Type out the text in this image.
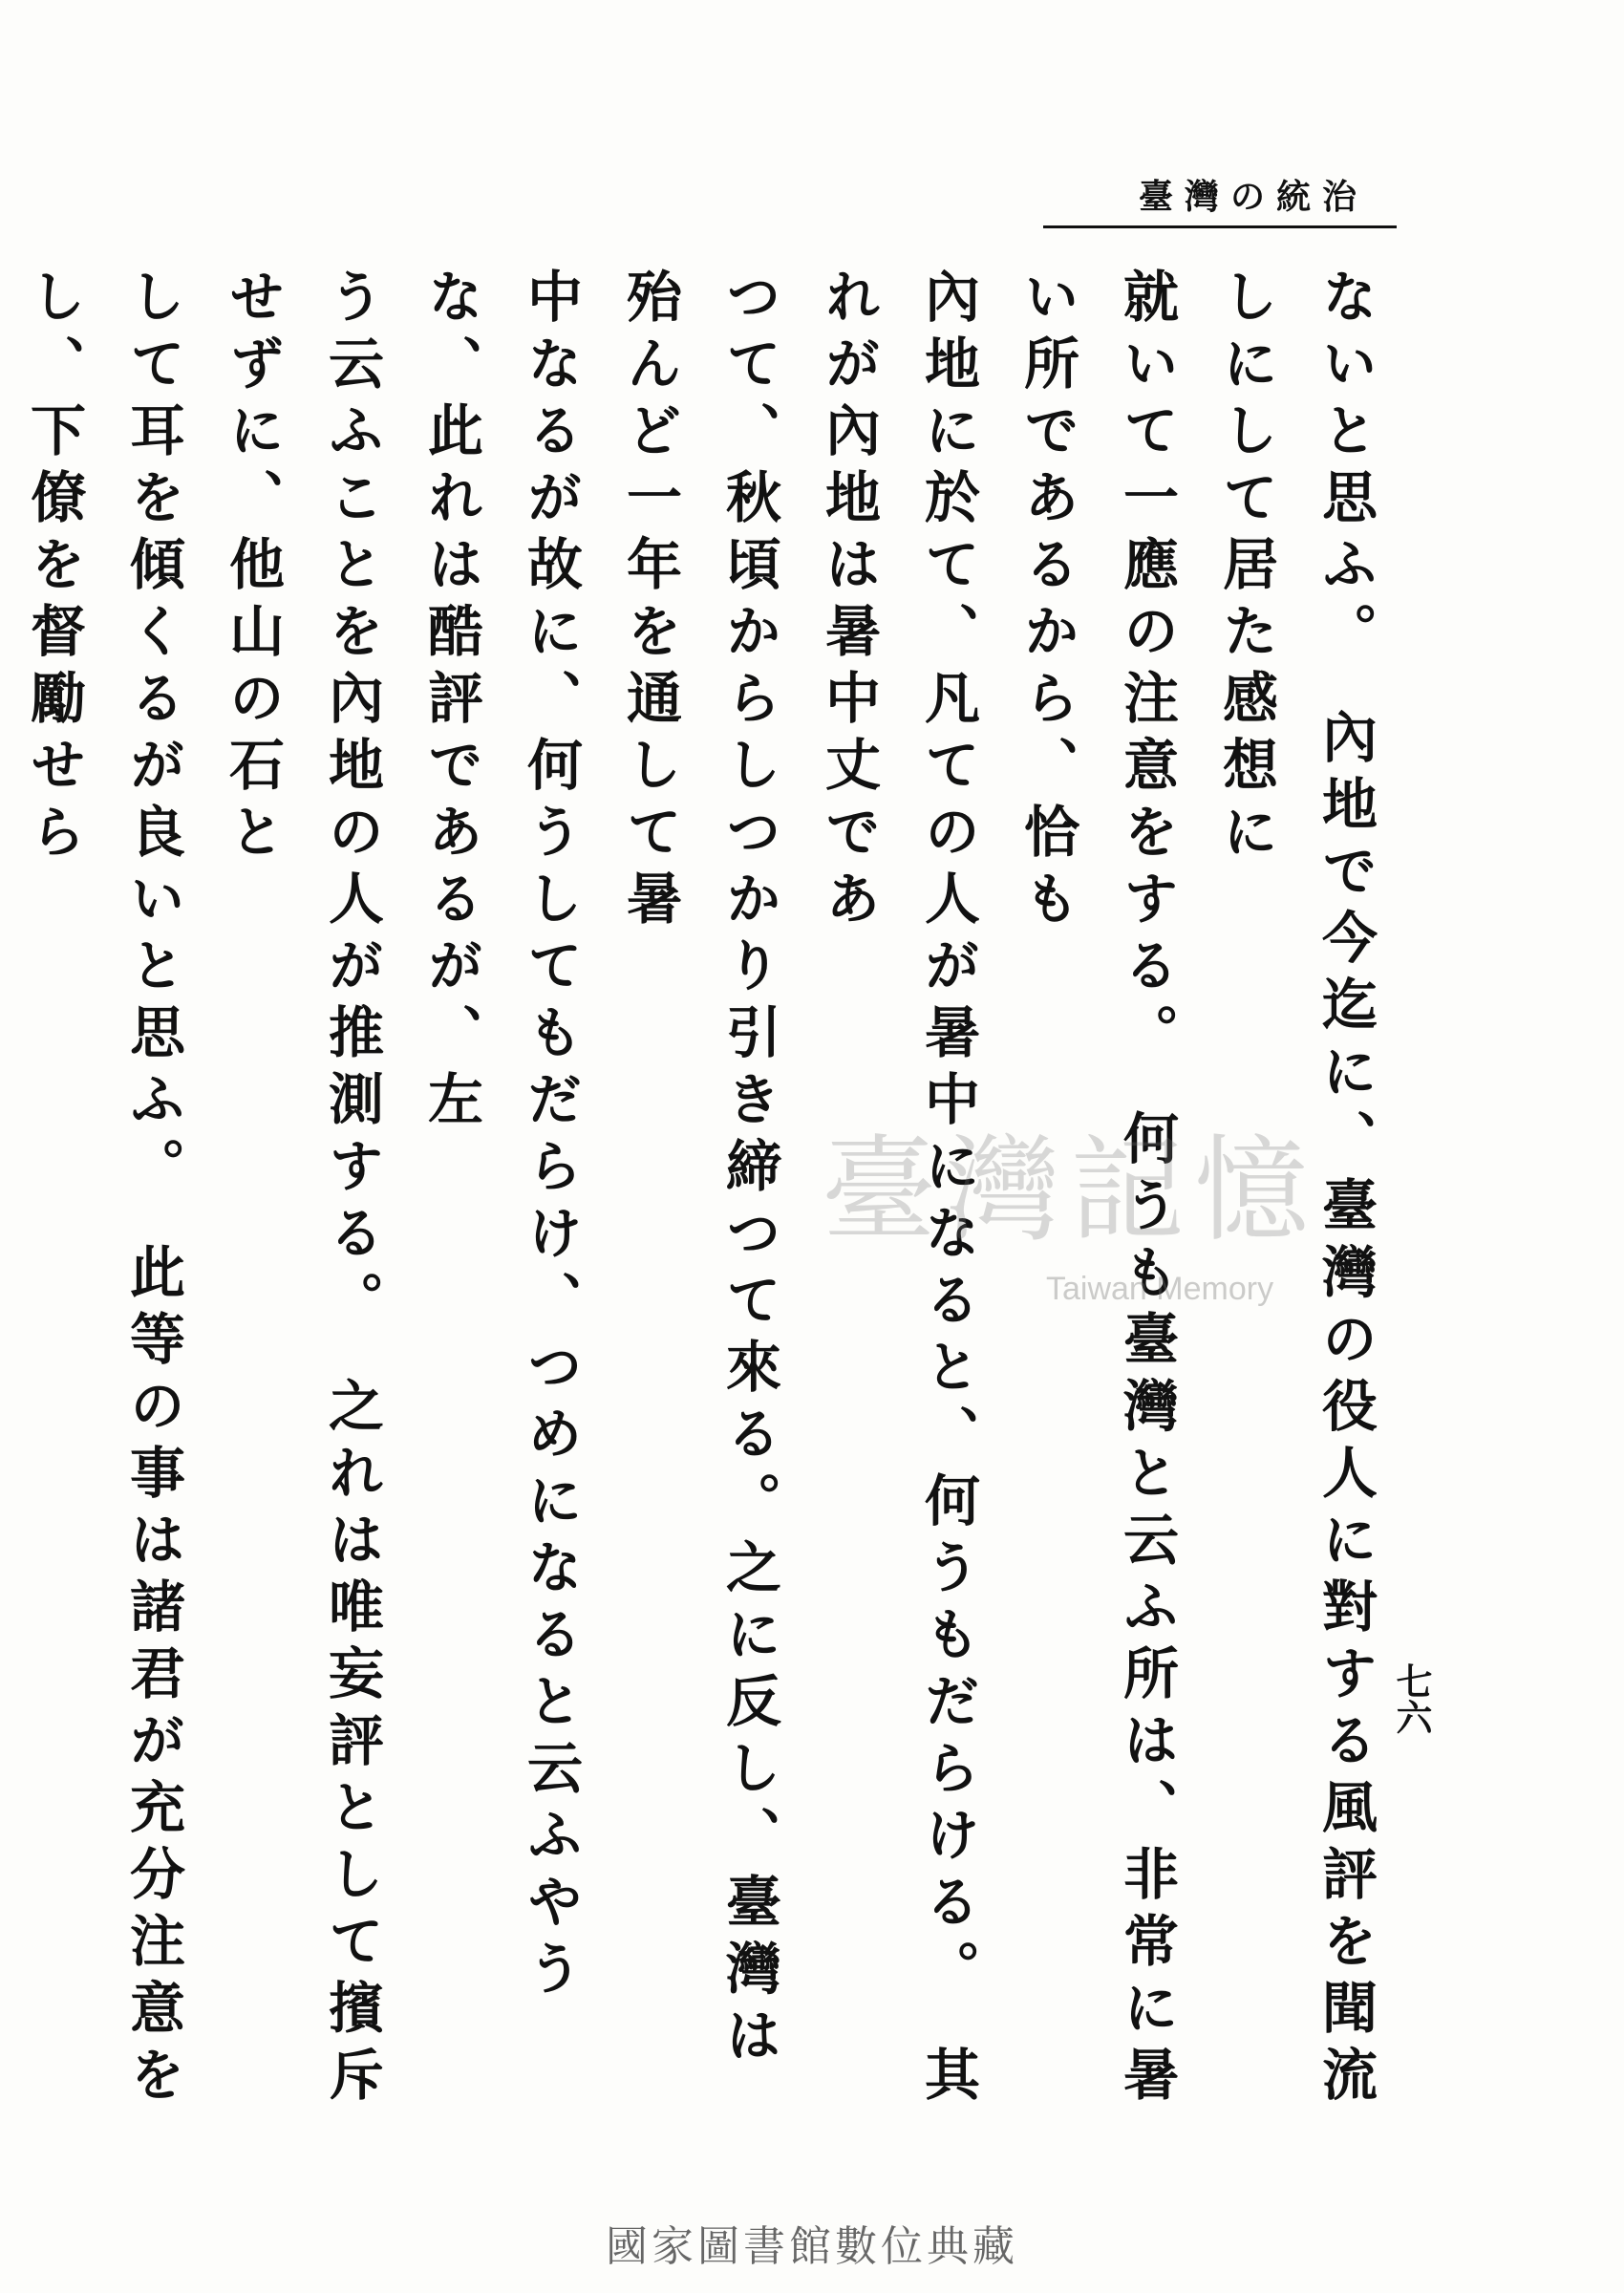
治統の灣臺
七六

ないと思ふ。　內地で今迄に、臺灣の役人に對する風評を聞流しにして居た感想に

就いて一應の注意をする。　何うも臺灣と云ふ所は、非常に暑い所であるから、恰も

內地に於て、凡ての人が暑中になると、何うもだらける。　其れが內地は暑中丈であ

つて、秋頃からしつかり引き締つて來る。之に反し、臺灣は殆んど一年を通して暑

中なるが故に、何うしてもだらけ、つめになると云ふやうな、此れは酷評であるが、左

う云ふことを內地の人が推測する。　之れは唯妄評として擯斥せずに、他山の石と
して耳を傾くるが良いと思ふ。　此等の事は諸君が充分注意をし、下僚を督勵せら

臺灣記憶
Taiwan Memory
國家圖書館數位典藏
